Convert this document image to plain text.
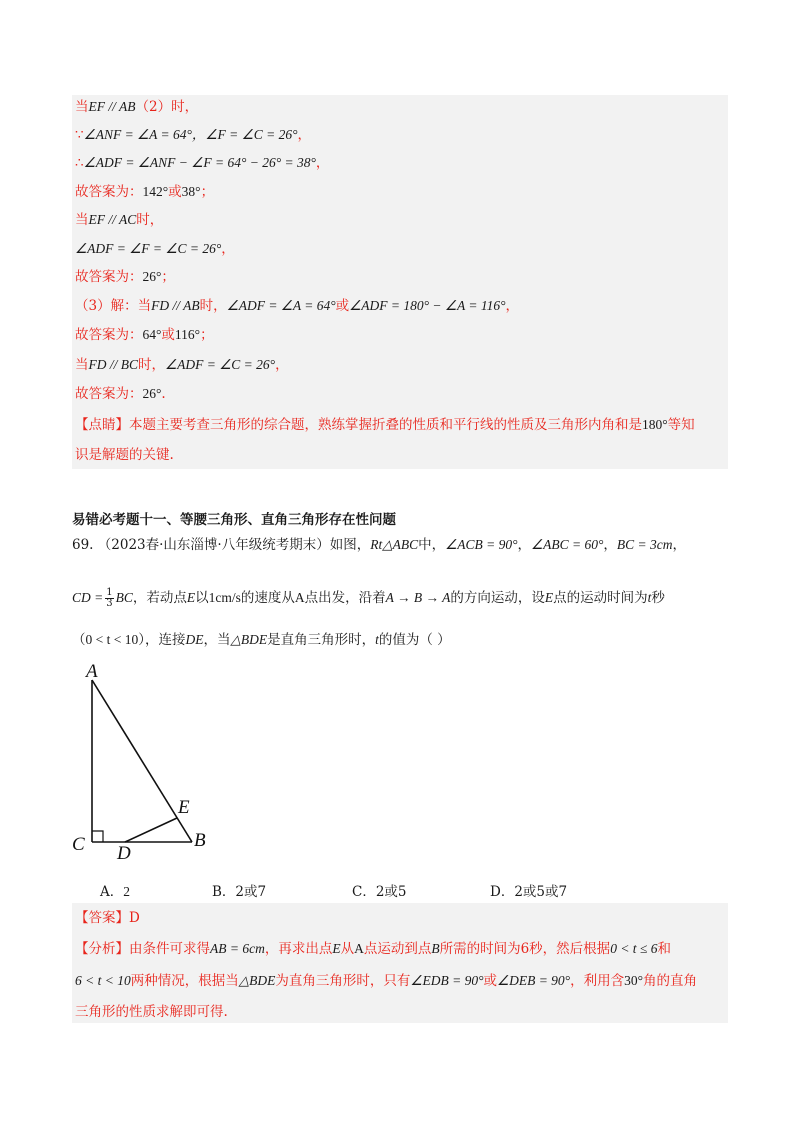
当EF // AB（2）时，
∵∠ANF = ∠A = 64°，∠F = ∠C = 26°，
∴∠ADF = ∠ANF − ∠F = 64° − 26° = 38°，
故答案为：142°或38°；
当EF // AC时，
∠ADF = ∠F = ∠C = 26°，
故答案为：26°；
（3）解：当FD // AB时，∠ADF = ∠A = 64°或∠ADF = 180° − ∠A = 116°，
故答案为：64°或116°；
当FD // BC时，∠ADF = ∠C = 26°，
故答案为：26°.
【点睛】本题主要考查三角形的综合题，熟练掌握折叠的性质和平行线的性质及三角形内角和是180°等知
识是解题的关键.
易错必考题十一、等腰三角形、直角三角形存在性问题
69. （2023春·山东淄博·八年级统考期末）如图，Rt△ABC中，∠ACB = 90°，∠ABC = 60°，BC = 3cm，
CD = $\frac{1}{3}$ BC，若动点E以1cm/s的速度从A点出发，沿着A → B → A的方向运动，设E点的运动时间为t秒
（0 < t < 10），连接DE，当△BDE是直角三角形时，t的值为（ ）
A
C D
E
B
A．2	B．2或7	C．2或5	D．2或5或7
【答案】D
【分析】由条件可求得AB = 6cm，再求出点E从A点运动到点B所需的时间为6秒，然后根据0 < t ≤ 6和
6 < t < 10两种情况，根据当△BDE为直角三角形时，只有∠EDB = 90°或∠DEB = 90°，利用含30°角的直角
三角形的性质求解即可得.
